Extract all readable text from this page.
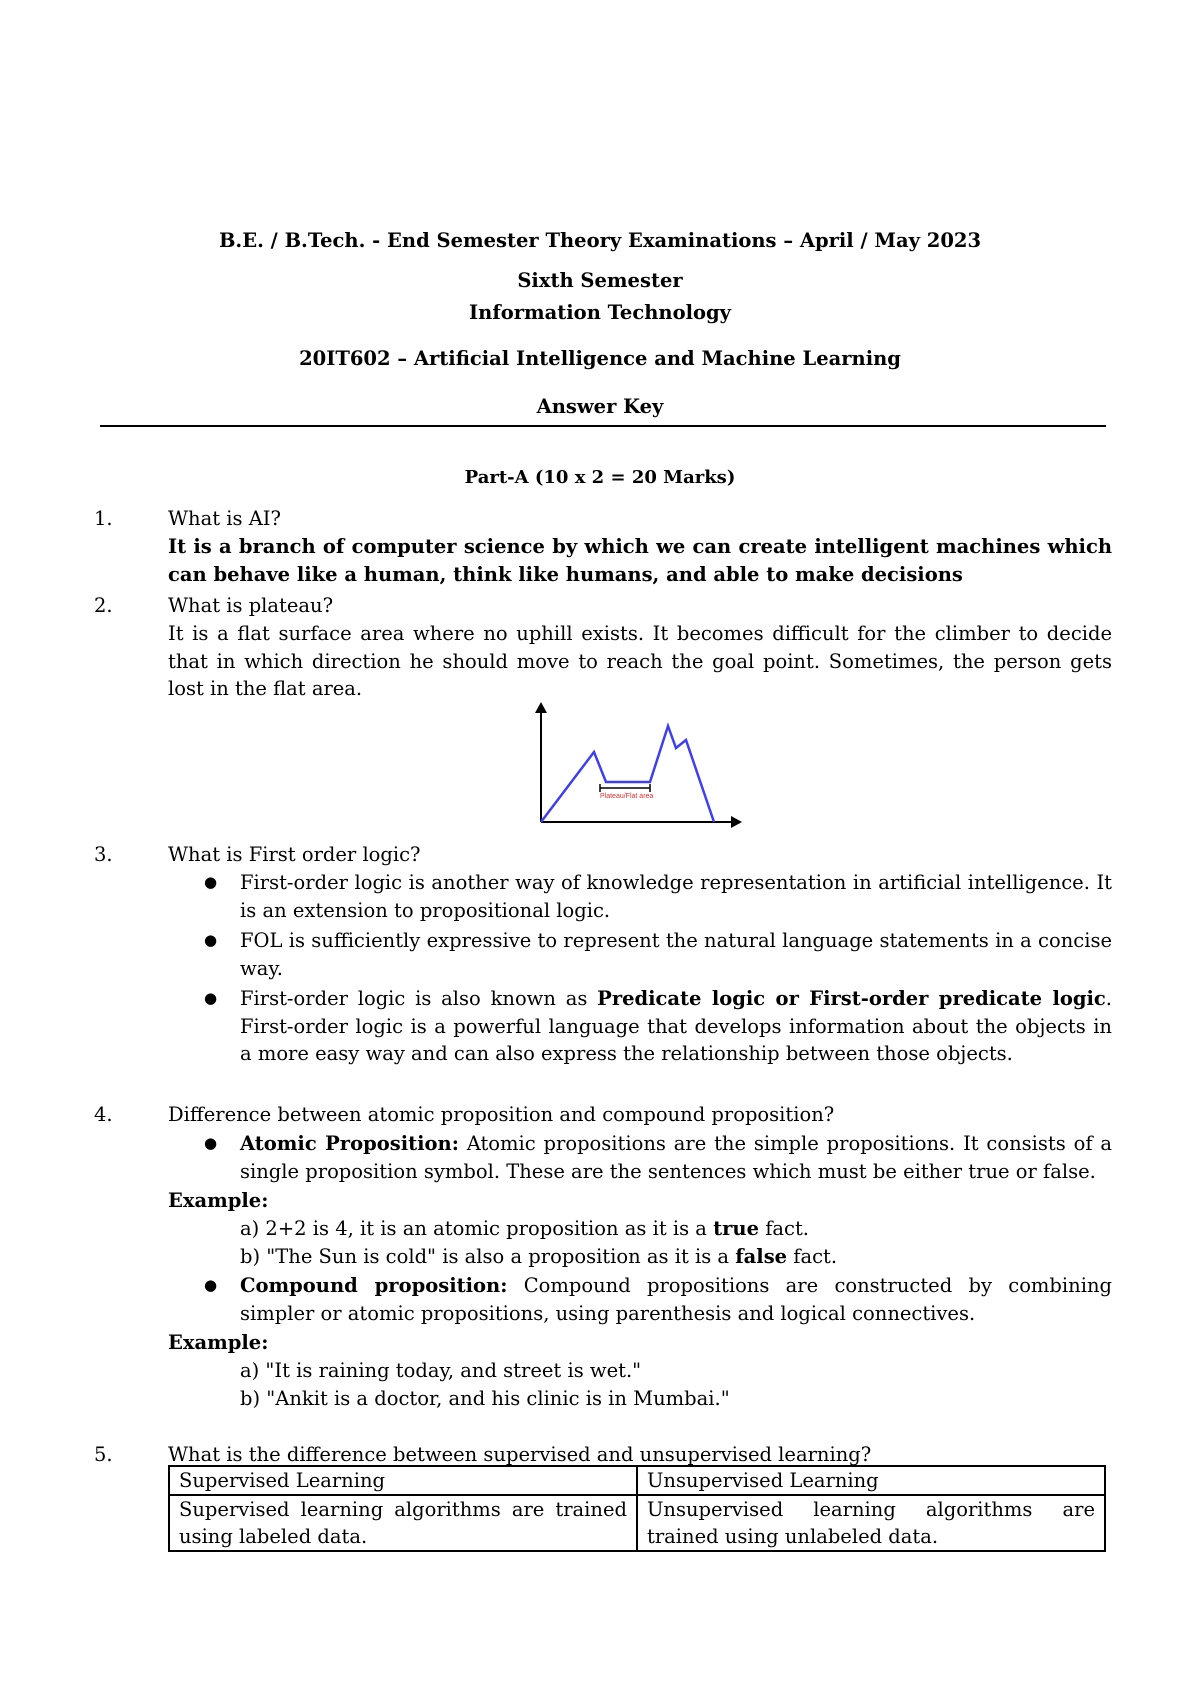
B.E. / B.Tech. - End Semester Theory Examinations – April / May 2023
Sixth Semester
Information Technology
20IT602 – Artificial Intelligence and Machine Learning
Answer Key
Part-A (10 x 2 = 20 Marks)
1.	What is AI?
It is a branch of computer science by which we can create intelligent machines which can behave like a human, think like humans, and able to make decisions
2.	What is plateau?
It is a flat surface area where no uphill exists. It becomes difficult for the climber to decide that in which direction he should move to reach the goal point. Sometimes, the person gets lost in the flat area.
Plateau/Flat area
3.	What is First order logic?
● First-order logic is another way of knowledge representation in artificial intelligence. It is an extension to propositional logic.
● FOL is sufficiently expressive to represent the natural language statements in a concise way.
● First-order logic is also known as Predicate logic or First-order predicate logic. First-order logic is a powerful language that develops information about the objects in a more easy way and can also express the relationship between those objects.
4.	Difference between atomic proposition and compound proposition?
● Atomic Proposition: Atomic propositions are the simple propositions. It consists of a single proposition symbol. These are the sentences which must be either true or false.
Example:
a) 2+2 is 4, it is an atomic proposition as it is a true fact.
b) "The Sun is cold" is also a proposition as it is a false fact.
● Compound proposition: Compound propositions are constructed by combining simpler or atomic propositions, using parenthesis and logical connectives.
Example:
a) "It is raining today, and street is wet."
b) "Ankit is a doctor, and his clinic is in Mumbai."
5.	What is the difference between supervised and unsupervised learning?
Supervised Learning	Unsupervised Learning
Supervised learning algorithms are trained using labeled data.	Unsupervised learning algorithms are trained using unlabeled data.
